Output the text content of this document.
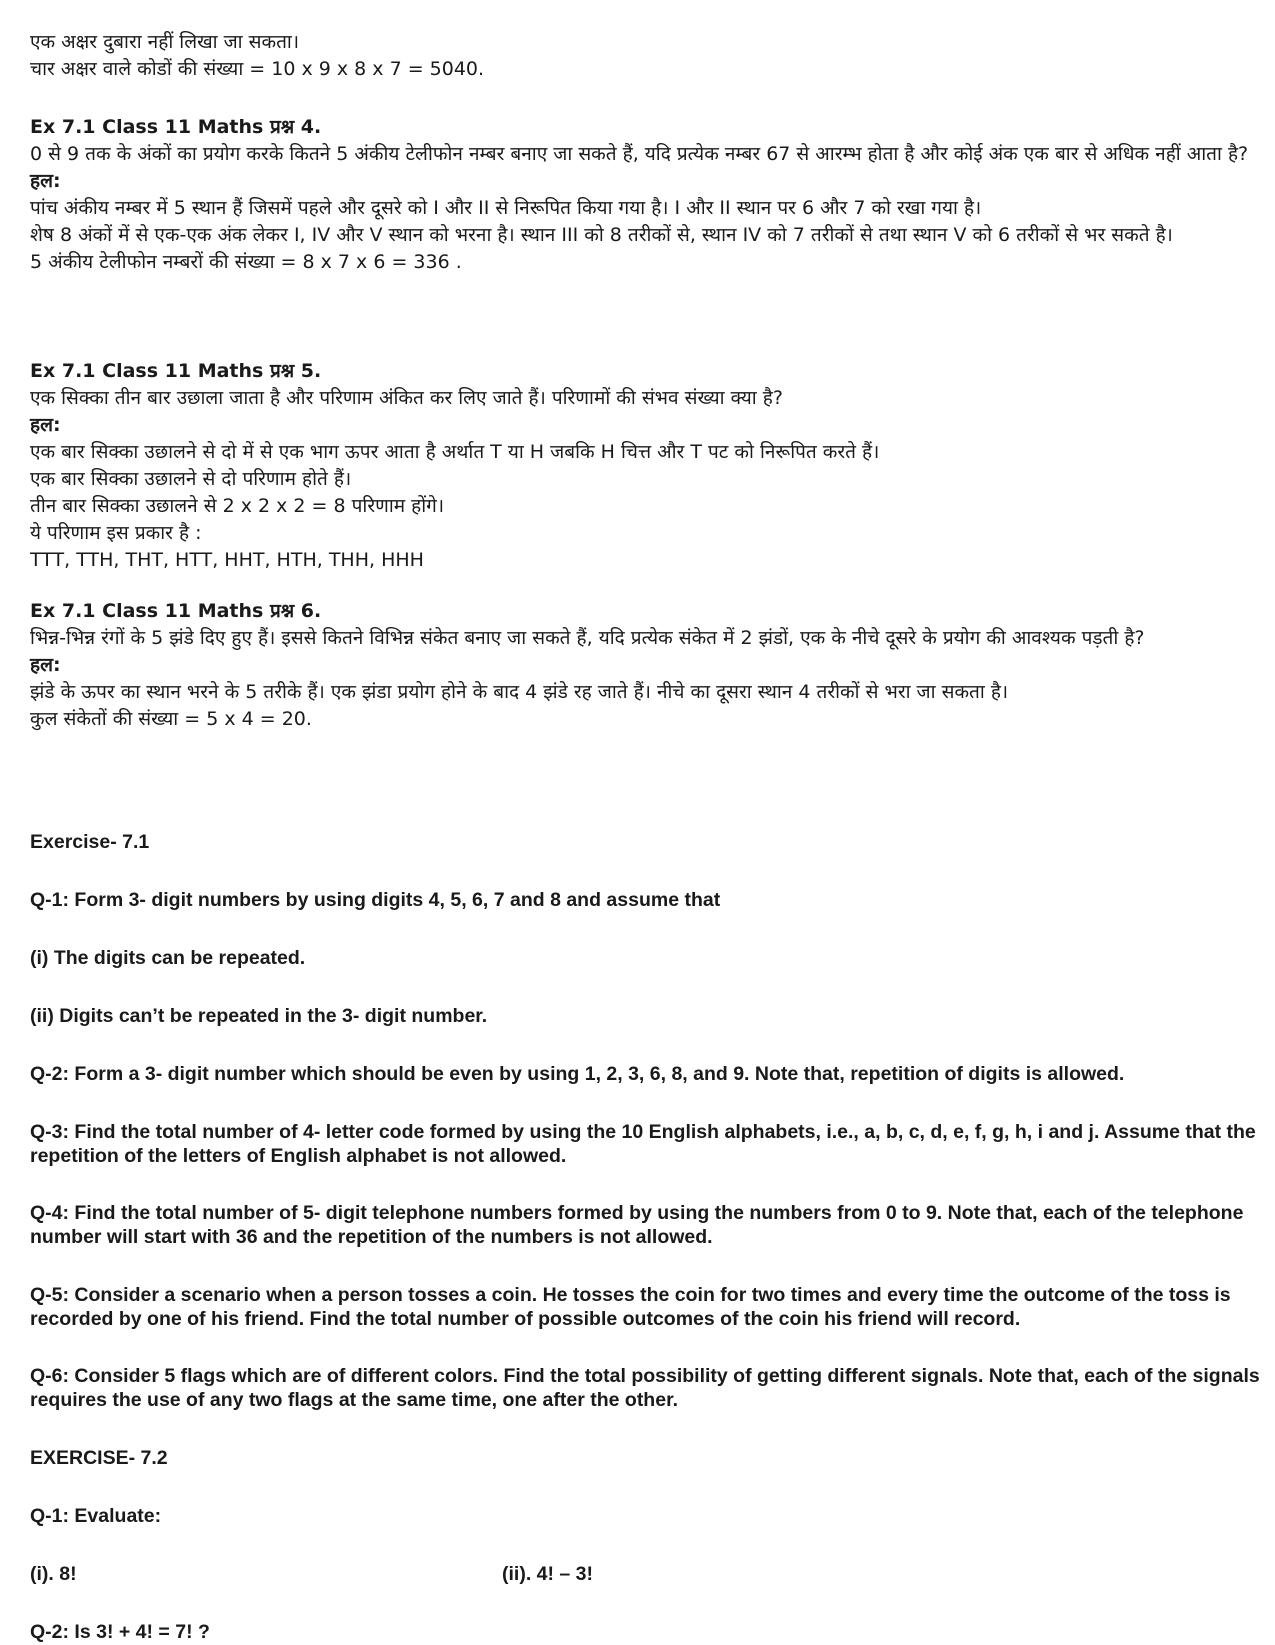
एक अक्षर दुबारा नहीं लिखा जा सकता।
चार अक्षर वाले कोडों की संख्या = 10 x 9 x 8 x 7 = 5040.
Ex 7.1 Class 11 Maths प्रश्न 4.
0 से 9 तक के अंकों का प्रयोग करके कितने 5 अंकीय टेलीफोन नम्बर बनाए जा सकते हैं, यदि प्रत्येक नम्बर 67 से आरम्भ होता है और कोई अंक एक बार से अधिक नहीं आता है?
हल:
पांच अंकीय नम्बर में 5 स्थान हैं जिसमें पहले और दूसरे को I और II से निरूपित किया गया है। I और II स्थान पर 6 और 7 को रखा गया है।
शेष 8 अंकों में से एक-एक अंक लेकर I, IV और V स्थान को भरना है। स्थान III को 8 तरीकों से, स्थान IV को 7 तरीकों से तथा स्थान V को 6 तरीकों से भर सकते है।
5 अंकीय टेलीफोन नम्बरों की संख्या = 8 x 7 x 6 = 336 .
Ex 7.1 Class 11 Maths प्रश्न 5.
एक सिक्का तीन बार उछाला जाता है और परिणाम अंकित कर लिए जाते हैं। परिणामों की संभव संख्या क्या है?
हल:
एक बार सिक्का उछालने से दो में से एक भाग ऊपर आता है अर्थात T या H जबकि H चित्त और T पट को निरूपित करते हैं।
एक बार सिक्का उछालने से दो परिणाम होते हैं।
तीन बार सिक्का उछालने से 2 x 2 x 2 = 8 परिणाम होंगे।
ये परिणाम इस प्रकार है :
TTT, TTH, THT, HTT, HHT, HTH, THH, HHH
Ex 7.1 Class 11 Maths प्रश्न 6.
भिन्न-भिन्न रंगों के 5 झंडे दिए हुए हैं। इससे कितने विभिन्न संकेत बनाए जा सकते हैं, यदि प्रत्येक संकेत में 2 झंडों, एक के नीचे दूसरे के प्रयोग की आवश्यक पड़ती है?
हल:
झंडे के ऊपर का स्थान भरने के 5 तरीके हैं। एक झंडा प्रयोग होने के बाद 4 झंडे रह जाते हैं। नीचे का दूसरा स्थान 4 तरीकों से भरा जा सकता है।
कुल संकेतों की संख्या = 5 x 4 = 20.
Exercise- 7.1
Q-1: Form 3- digit numbers by using digits 4, 5, 6, 7 and 8 and assume that
(i) The digits can be repeated.
(ii) Digits can’t be repeated in the 3- digit number.
Q-2: Form a 3- digit number which should be even by using 1, 2, 3, 6, 8, and 9. Note that, repetition of digits is allowed.
Q-3: Find the total number of 4- letter code formed by using the 10 English alphabets, i.e., a, b, c, d, e, f, g, h, i and j. Assume that the repetition of the letters of English alphabet is not allowed.
Q-4: Find the total number of 5- digit telephone numbers formed by using the numbers from 0 to 9. Note that, each of the telephone number will start with 36 and the repetition of the numbers is not allowed.
Q-5: Consider a scenario when a person tosses a coin. He tosses the coin for two times and every time the outcome of the toss is recorded by one of his friend. Find the total number of possible outcomes of the coin his friend will record.
Q-6: Consider 5 flags which are of different colors. Find the total possibility of getting different signals. Note that, each of the signals requires the use of any two flags at the same time, one after the other.
EXERCISE- 7.2
Q-1: Evaluate:
(i). 8!	(ii). 4! – 3!
Q-2: Is 3! + 4! = 7! ?
